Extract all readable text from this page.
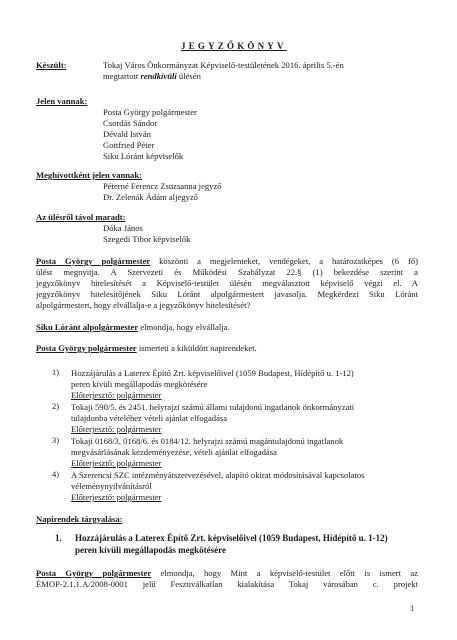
JEGYZŐKÖNYV
Készült:	Tokaj Város Önkormányzat Képviselő-testületének 2016. április 5.-én
megtartott rendkívüli ülésén
Jelen vannak:
Posta György polgármester
Csordás Sándor
Dévald István
Gottfried Péter
Siku Lóránt képviselők
Meghívottként jelen vannak:
Péterné Ferencz Zsuzsanna jegyző
Dr. Zelenák Ádám aljegyző
Az ülésről távol maradt:
Dóka János
Szegedi Tibor képviselők
Posta György polgármester köszönti a megjelenteket, vendégeket, a határozatképes (6 fő)
ülést megnyitja. A Szervezeti és Működési Szabályzat 22.§ (1) bekezdése szerint a
jegyzőkönyv hitelesítését a Képviselő-testület ülésén megválasztott képviselő végzi el. A
jegyzőkönyv hitelesítőjének Siku Lóránt alpolgármestert javasolja. Megkérdezi Siku Lóránt
alpolgármestert, hogy elvállalja-e a jegyzőkönyv hitelesítését?
Siku Lóránt alpolgármester elmondja, hogy elvállalja.
Posta György polgármester ismerteti a kiküldött napirendeket.
1) Hozzájárulás a Laterex Építő Zrt. képviselőivel (1059 Budapest, Hídépítő u. 1-12)
peren kívüli megállapodás megkötésére
Előterjesztő: polgármester
2) Tokaji 590/5. és 2451. helyrajzi számú állami tulajdonú ingatlanok önkormányzati
tulajdonba vételéhez vételi ajánlat elfogadása
Előterjesztő: polgármester
3) Tokaji 0168/3, 0168/6. és 0184/12. helyrajzi számú magántulajdonú ingatlanok
megvásárlásának kezdeményezése, vételi ajánlat elfogadása
Előterjesztő: polgármester
4) A Szerencsi SZC intézményátszervezésével, alapító okirat módosításával kapcsolatos
véleménynyilvánításról
Előterjesztő: polgármester
Napirendek tárgyalása:
1. Hozzájárulás a Laterex Építő Zrt. képviselőivel (1059 Budapest, Hídépítő u. 1-12)
peren kívüli megállapodás megkötésére
Posta György polgármester elmondja, hogy Mint a képviselő-testület előtt is ismert az
ÉMOP-2.1.1.A/2008-0001 jelű Fesztiválkatlan kialakítása Tokaj városában c. projekt
1
